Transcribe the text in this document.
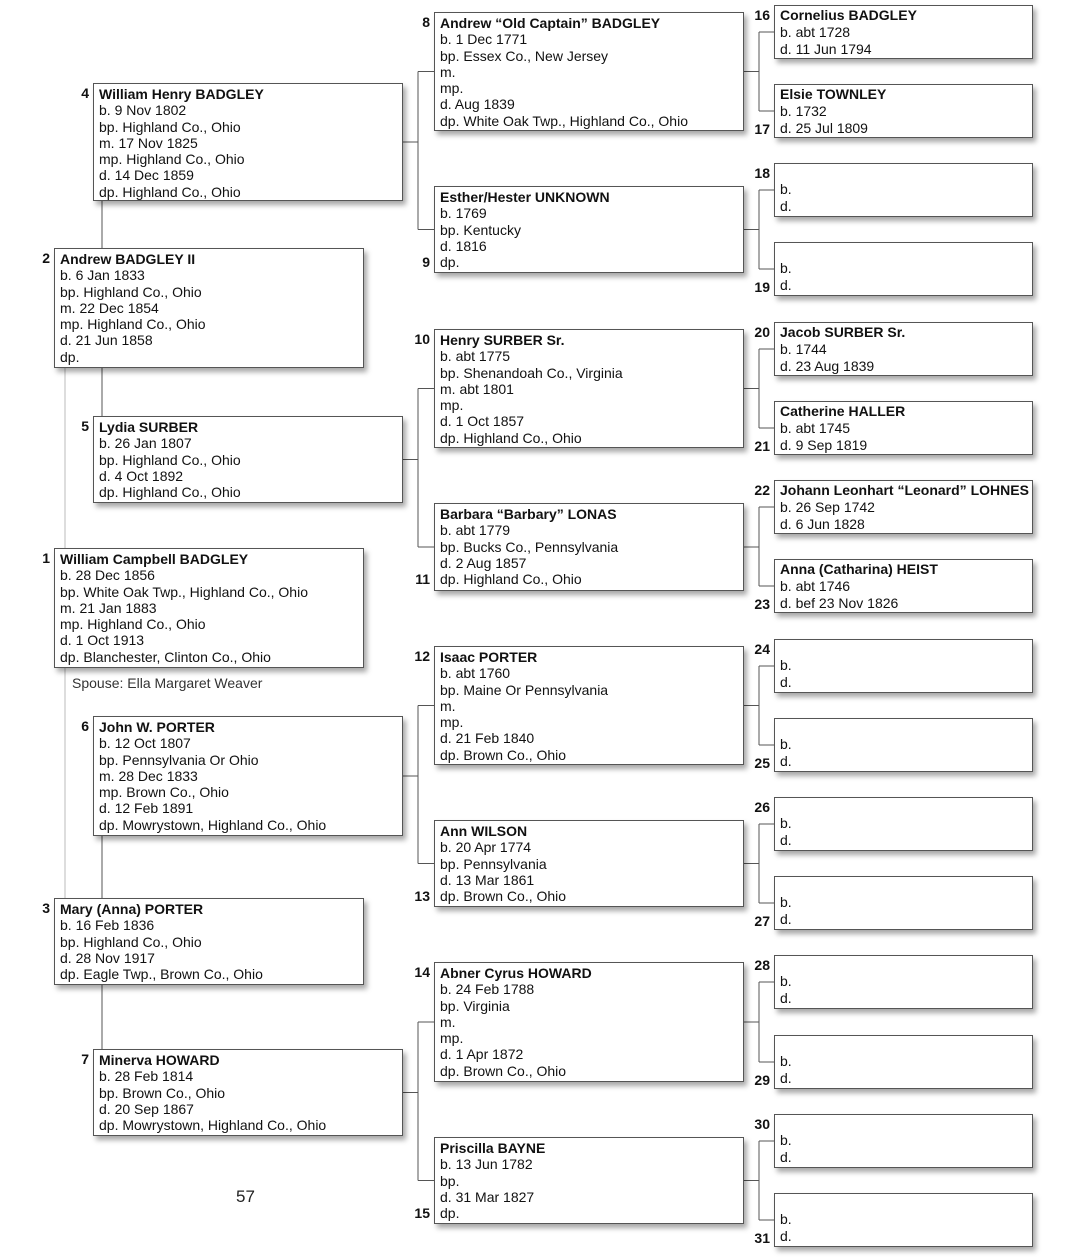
Spouse: Ella Margaret Weaver
57
William Campbell BADGLEY
b. 28 Dec 1856
bp. White Oak Twp., Highland Co., Ohio
m. 21 Jan 1883
mp. Highland Co., Ohio
d. 1 Oct 1913
dp. Blanchester, Clinton Co., Ohio
1
Andrew BADGLEY II
b. 6 Jan 1833
bp. Highland Co., Ohio
m. 22 Dec 1854
mp. Highland Co., Ohio
d. 21 Jun 1858
dp.
2
Mary (Anna) PORTER
b. 16 Feb 1836
bp. Highland Co., Ohio
d. 28 Nov 1917
dp. Eagle Twp., Brown Co., Ohio
3
William Henry BADGLEY
b. 9 Nov 1802
bp. Highland Co., Ohio
m. 17 Nov 1825
mp. Highland Co., Ohio
d. 14 Dec 1859
dp. Highland Co., Ohio
4
Lydia SURBER
b. 26 Jan 1807
bp. Highland Co., Ohio
d. 4 Oct 1892
dp. Highland Co., Ohio
5
John W. PORTER
b. 12 Oct 1807
bp. Pennsylvania Or Ohio
m. 28 Dec 1833
mp. Brown Co., Ohio
d. 12 Feb 1891
dp. Mowrystown, Highland Co., Ohio
6
Minerva HOWARD
b. 28 Feb 1814
bp. Brown Co., Ohio
d. 20 Sep 1867
dp. Mowrystown, Highland Co., Ohio
7
Andrew “Old Captain” BADGLEY
b. 1 Dec 1771
bp. Essex Co., New Jersey
m.
mp.
d. Aug 1839
dp. White Oak Twp., Highland Co., Ohio
8
Esther/Hester UNKNOWN
b. 1769
bp. Kentucky
d. 1816
dp.
9
Henry SURBER Sr.
b. abt 1775
bp. Shenandoah Co., Virginia
m. abt 1801
mp.
d. 1 Oct 1857
dp. Highland Co., Ohio
10
Barbara “Barbary” LONAS
b. abt 1779
bp. Bucks Co., Pennsylvania
d. 2 Aug 1857
dp. Highland Co., Ohio
11
Isaac PORTER
b. abt 1760
bp. Maine Or Pennsylvania
m.
mp.
d. 21 Feb 1840
dp. Brown Co., Ohio
12
Ann WILSON
b. 20 Apr 1774
bp. Pennsylvania
d. 13 Mar 1861
dp. Brown Co., Ohio
13
Abner Cyrus HOWARD
b. 24 Feb 1788
bp. Virginia
m.
mp.
d. 1 Apr 1872
dp. Brown Co., Ohio
14
Priscilla BAYNE
b. 13 Jun 1782
bp.
d. 31 Mar 1827
dp.
15
Cornelius BADGLEY
b. abt 1728
d. 11 Jun 1794
16
Elsie TOWNLEY
b. 1732
d. 25 Jul 1809
17
b.
d.
18
b.
d.
19
Jacob SURBER Sr.
b. 1744
d. 23 Aug 1839
20
Catherine HALLER
b. abt 1745
d. 9 Sep 1819
21
Johann Leonhart “Leonard” LOHNES
b. 26 Sep 1742
d. 6 Jun 1828
22
Anna (Catharina) HEIST
b. abt 1746
d. bef 23 Nov 1826
23
b.
d.
24
b.
d.
25
b.
d.
26
b.
d.
27
b.
d.
28
b.
d.
29
b.
d.
30
b.
d.
31
